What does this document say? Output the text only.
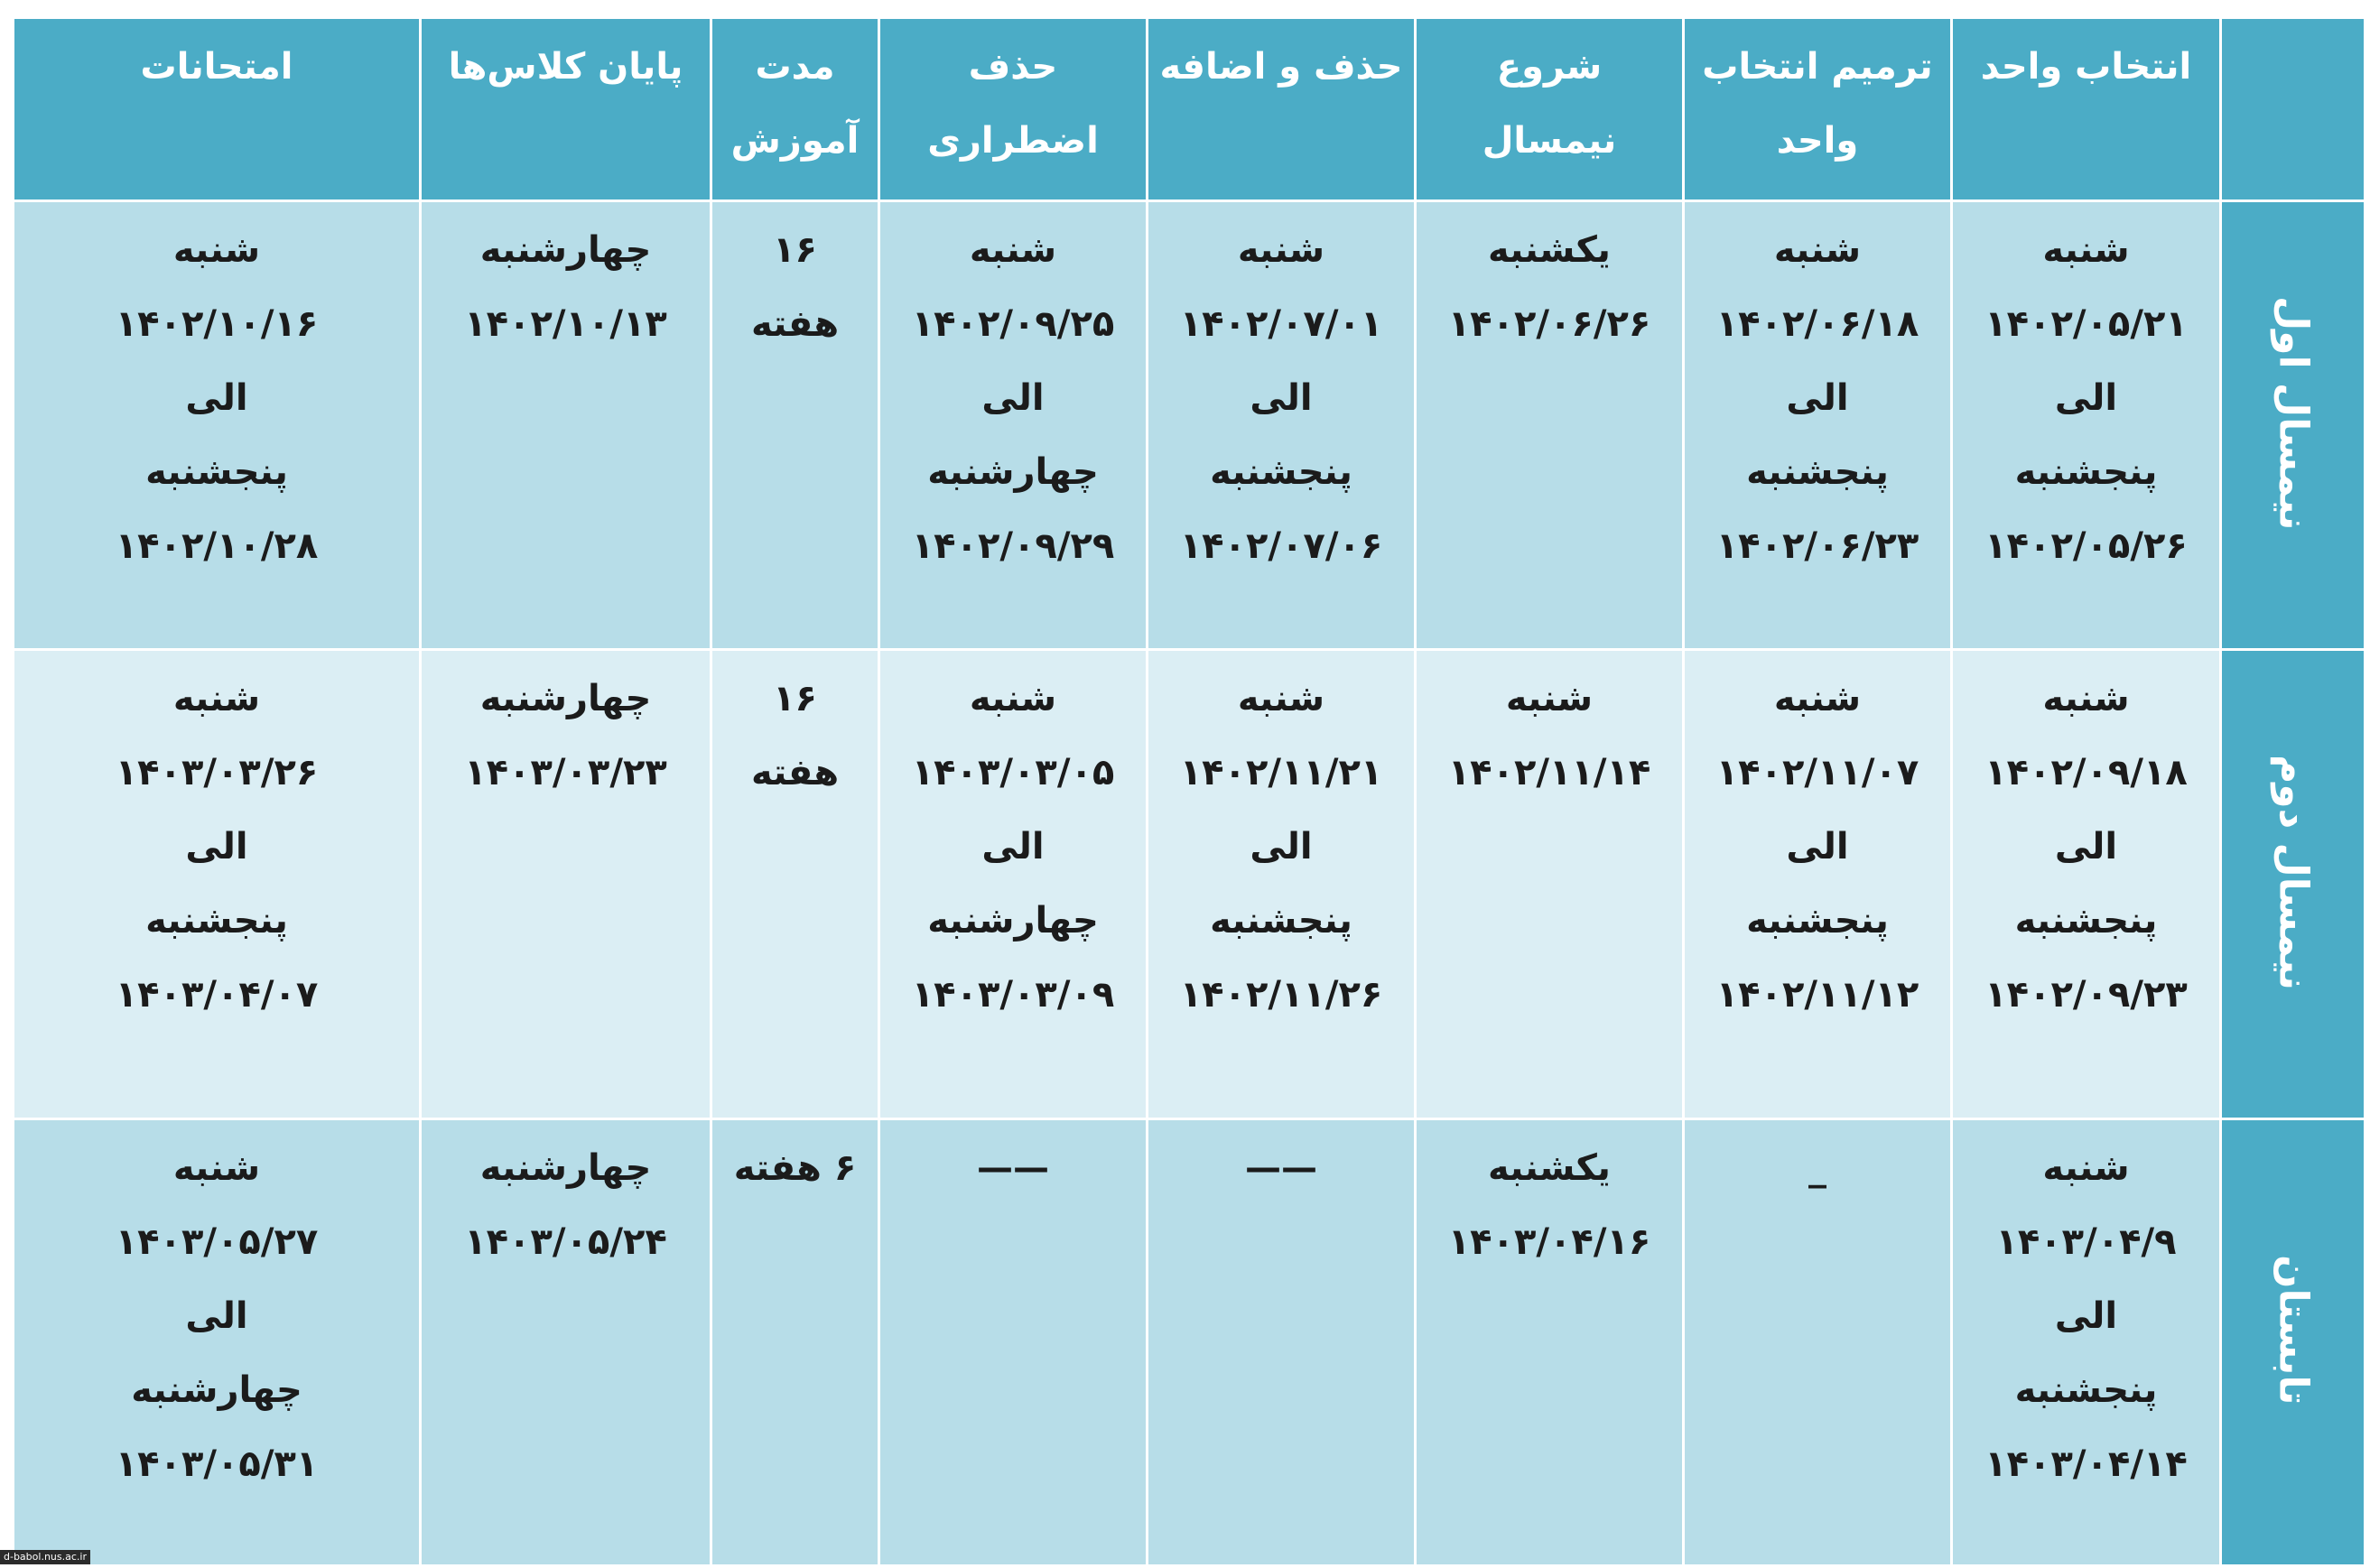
	انتخاب واحد	ترمیم انتخاب
واحد	شروع
نیمسال	حذف و اضافه	حذف
اضطراری	مدت
آموزش	پایان کلاس‌ها	امتحانات

نیمسال اول	شنبه
۱۴۰۲/۰۵/۲۱
الی
پنجشنبه
۱۴۰۲/۰۵/۲۶	شنبه
۱۴۰۲/۰۶/۱۸
الی
پنجشنبه
۱۴۰۲/۰۶/۲۳	یکشنبه
۱۴۰۲/۰۶/۲۶	شنبه
۱۴۰۲/۰۷/۰۱
الی
پنجشنبه
۱۴۰۲/۰۷/۰۶	شنبه
۱۴۰۲/۰۹/۲۵
الی
چهارشنبه
۱۴۰۲/۰۹/۲۹	۱۶
هفته	چهارشنبه
۱۴۰۲/۱۰/۱۳	شنبه
۱۴۰۲/۱۰/۱۶
الی
پنجشنبه
۱۴۰۲/۱۰/۲۸

نیمسال دوم	شنبه
۱۴۰۲/۰۹/۱۸
الی
پنجشنبه
۱۴۰۲/۰۹/۲۳	شنبه
۱۴۰۲/۱۱/۰۷
الی
پنجشنبه
۱۴۰۲/۱۱/۱۲	شنبه
۱۴۰۲/۱۱/۱۴	شنبه
۱۴۰۲/۱۱/۲۱
الی
پنجشنبه
۱۴۰۲/۱۱/۲۶	شنبه
۱۴۰۳/۰۳/۰۵
الی
چهارشنبه
۱۴۰۳/۰۳/۰۹	۱۶
هفته	چهارشنبه
۱۴۰۳/۰۳/۲۳	شنبه
۱۴۰۳/۰۳/۲۶
الی
پنجشنبه
۱۴۰۳/۰۴/۰۷

تابستان	شنبه
۱۴۰۳/۰۴/۹
الی
پنجشنبه
۱۴۰۳/۰۴/۱۴	_	یکشنبه
۱۴۰۳/۰۴/۱۶	——	——	۶ هفته	چهارشنبه
۱۴۰۳/۰۵/۲۴	شنبه
۱۴۰۳/۰۵/۲۷
الی
چهارشنبه
۱۴۰۳/۰۵/۳۱
d-babol.nus.ac.ir
